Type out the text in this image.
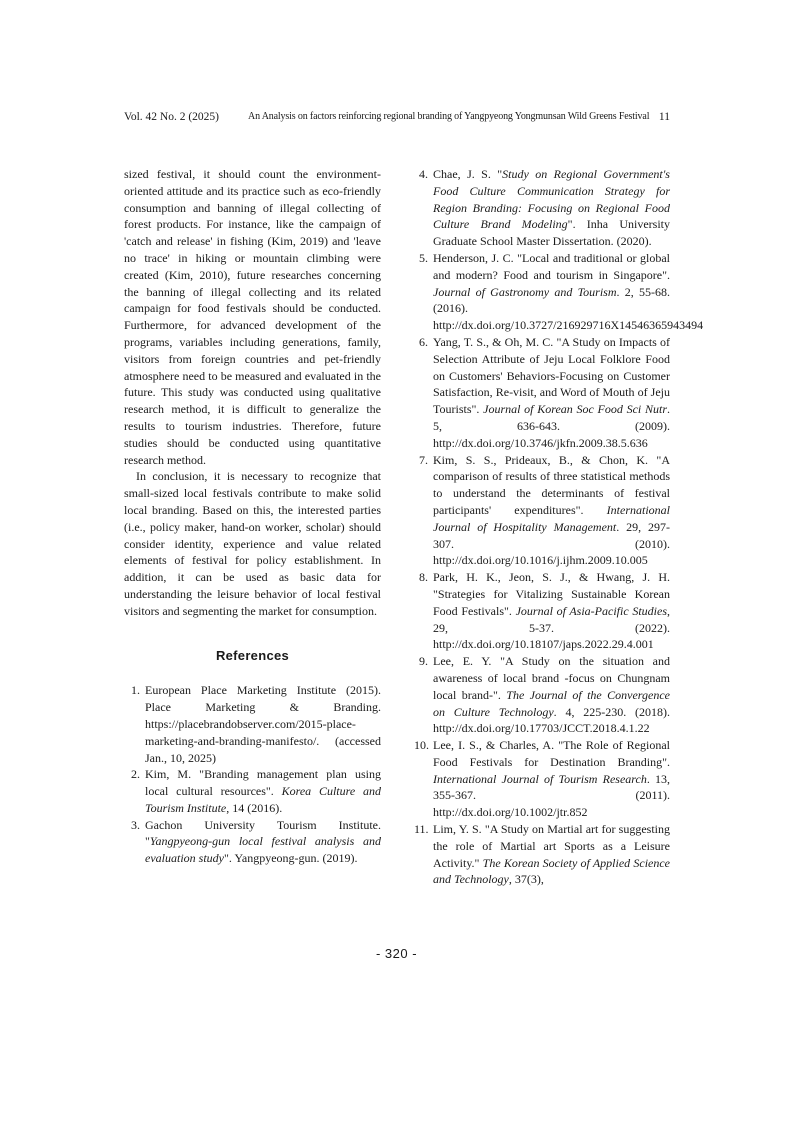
Vol. 42 No. 2 (2025)	An Analysis on factors reinforcing regional branding of Yangpyeong Yongmunsan Wild Greens Festival 11

sized festival, it should count the environment-oriented attitude and its practice such as eco-friendly consumption and banning of illegal collecting of forest products. For instance, like the campaign of 'catch and release' in fishing (Kim, 2019) and 'leave no trace' in hiking or mountain climbing were created (Kim, 2010), future researches concerning the banning of illegal collecting and its related campaign for food festivals should be conducted. Furthermore, for advanced development of the programs, variables including generations, family, visitors from foreign countries and pet-friendly atmosphere need to be measured and evaluated in the future. This study was conducted using qualitative research method, it is difficult to generalize the results to tourism industries. Therefore, future studies should be conducted using quantitative research method.

In conclusion, it is necessary to recognize that small-sized local festivals contribute to make solid local branding. Based on this, the interested parties (i.e., policy maker, hand-on worker, scholar) should consider identity, experience and value related elements of festival for policy establishment. In addition, it can be used as basic data for understanding the leisure behavior of local festival visitors and segmenting the market for consumption.

References
1. European Place Marketing Institute (2015). Place Marketing & Branding. https://placebrandobserver.com/2015-place-marketing-and-branding-manifesto/. (accessed Jan., 10, 2025)
2. Kim, M. "Branding management plan using local cultural resources". Korea Culture and Tourism Institute, 14 (2016).
3. Gachon University Tourism Institute. "Yangpyeong-gun local festival analysis and evaluation study". Yangpyeong-gun. (2019).
4. Chae, J. S. "Study on Regional Government's Food Culture Communication Strategy for Region Branding: Focusing on Regional Food Culture Brand Modeling". Inha University Graduate School Master Dissertation. (2020).
5. Henderson, J. C. "Local and traditional or global and modern? Food and tourism in Singapore". Journal of Gastronomy and Tourism. 2, 55-68. (2016). http://dx.doi.org/10.3727/216929716X14546365943494
6. Yang, T. S., & Oh, M. C. "A Study on Impacts of Selection Attribute of Jeju Local Folklore Food on Customers' Behaviors-Focusing on Customer Satisfaction, Re-visit, and Word of Mouth of Jeju Tourists". Journal of Korean Soc Food Sci Nutr. 5, 636-643. (2009). http://dx.doi.org/10.3746/jkfn.2009.38.5.636
7. Kim, S. S., Prideaux, B., & Chon, K. "A comparison of results of three statistical methods to understand the determinants of festival participants' expenditures". International Journal of Hospitality Management. 29, 297-307. (2010). http://dx.doi.org/10.1016/j.ijhm.2009.10.005
8. Park, H. K., Jeon, S. J., & Hwang, J. H. "Strategies for Vitalizing Sustainable Korean Food Festivals". Journal of Asia-Pacific Studies, 29, 5-37. (2022). http://dx.doi.org/10.18107/japs.2022.29.4.001
9. Lee, E. Y. "A Study on the situation and awareness of local brand -focus on Chungnam local brand-". The Journal of the Convergence on Culture Technology. 4, 225-230. (2018). http://dx.doi.org/10.17703/JCCT.2018.4.1.22
10. Lee, I. S., & Charles, A. "The Role of Regional Food Festivals for Destination Branding". International Journal of Tourism Research. 13, 355-367. (2011). http://dx.doi.org/10.1002/jtr.852
11. Lim, Y. S. "A Study on Martial art for suggesting the role of Martial art Sports as a Leisure Activity." The Korean Society of Applied Science and Technology, 37(3),
- 320 -
